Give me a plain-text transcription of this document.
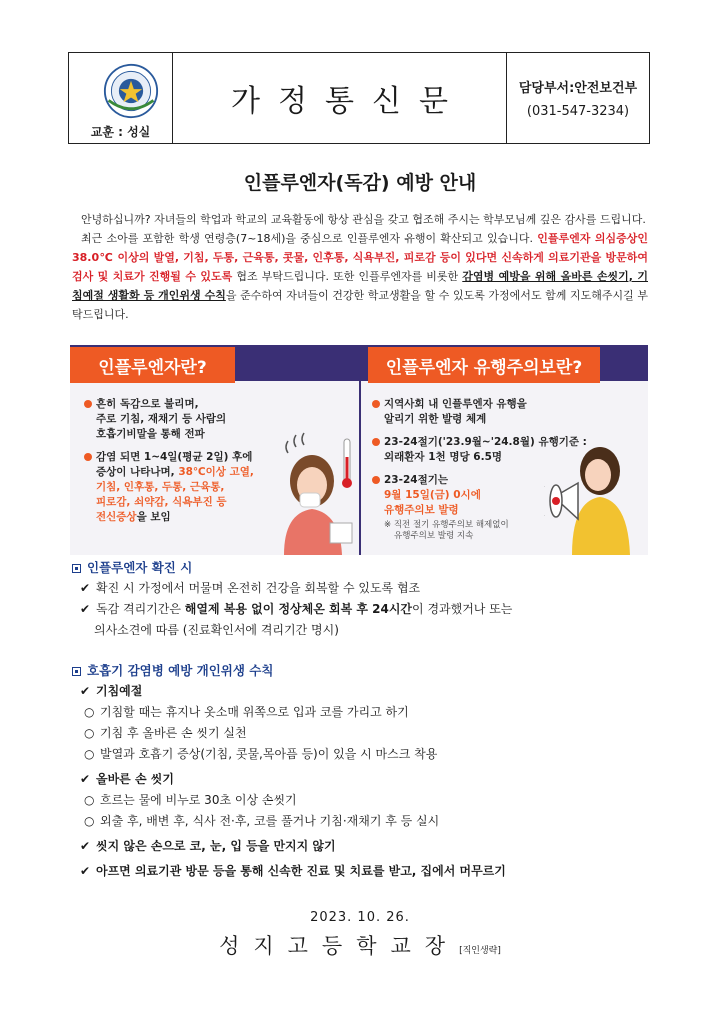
교훈 : 성실
가정통신문	담당부서:안전보건부
(031-547-3234)
인플루엔자(독감) 예방 안내

안녕하십니까? 자녀들의 학업과 학교의 교육활동에 항상 관심을 갖고 협조해 주시는 학부모님께 깊은 감사를 드립니다.

최근 소아를 포함한 학생 연령층(7~18세)을 중심으로 인플루엔자 유행이 확산되고 있습니다. 인플루엔자 의심증상인 38.0℃ 이상의 발열, 기침, 두통, 근육통, 콧물, 인후통, 식욕부진, 피로감 등이 있다면 신속하게 의료기관을 방문하여 검사 및 치료가 진행될 수 있도록 협조 부탁드립니다. 또한 인플루엔자를 비롯한 감염병 예방을 위해 올바른 손씻기, 기침예절 생활화 등 개인위생 수칙을 준수하여 자녀들이 건강한 학교생활을 할 수 있도록 가정에서도 함께 지도해주시길 부탁드립니다.

인플루엔자란?	인플루엔자 유행주의보란?
흔히 독감으로 불리며,
주로 기침, 재채기 등 사람의
호흡기비말을 통해 전파
감염 되면 1~4일(평균 2일) 후에
증상이 나타나며, 38℃이상 고열,
기침, 인후통, 두통, 근육통,
피로감, 쇠약감, 식욕부진 등
전신증상을 보임
지역사회 내 인플루엔자 유행을
알리기 위한 발령 체계
23-24절기('23.9월~'24.8월) 유행기준 :
외래환자 1천 명당 6.5명
23-24절기는
9월 15일(금) 0시에
유행주의보 발령
※ 직전 절기 유행주의보 해제없이
유행주의보 발령 지속
인플루엔자 확진 시
✔ 확진 시 가정에서 머물며 온전히 건강을 회복할 수 있도록 협조
✔ 독감 격리기간은 해열제 복용 없이 정상체온 회복 후 24시간이 경과했거나 또는
의사소견에 따름 (진료확인서에 격리기간 명시)
호흡기 감염병 예방 개인위생 수칙
✔ 기침예절
○ 기침할 때는 휴지나 옷소매 위쪽으로 입과 코를 가리고 하기
○ 기침 후 올바른 손 씻기 실천
○ 발열과 호흡기 증상(기침, 콧물,목아픔 등)이 있을 시 마스크 착용
✔ 올바른 손 씻기
○ 흐르는 물에 비누로 30초 이상 손씻기
○ 외출 후, 배변 후, 식사 전·후, 코를 풀거나 기침·재채기 후 등 실시
✔ 씻지 않은 손으로 코, 눈, 입 등을 만지지 않기
✔ 아프면 의료기관 방문 등을 통해 신속한 진료 및 치료를 받고, 집에서 머무르기
2023. 10. 26.
성지고등학교장[직인생략]
